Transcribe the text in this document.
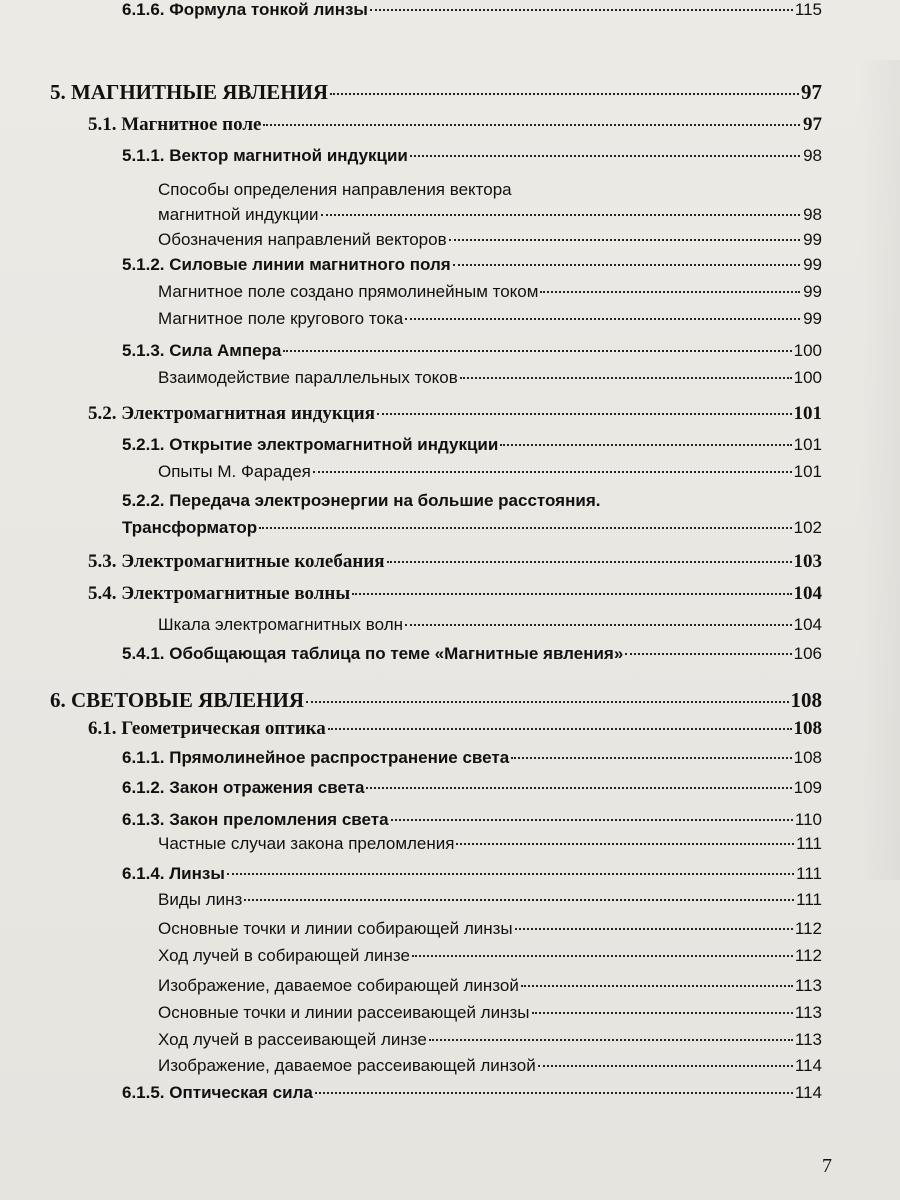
5. МАГНИТНЫЕ ЯВЛЕНИЯ	97
5.1. Магнитное поле	97
5.1.1. Вектор магнитной индукции	98
Способы определения направления вектора
магнитной индукции	98
Обозначения направлений векторов	99
5.1.2. Силовые линии магнитного поля	99
Магнитное поле создано прямолинейным током	99
Магнитное поле кругового тока	99
5.1.3. Сила Ампера	100
Взаимодействие параллельных токов	100
5.2. Электромагнитная индукция	101
5.2.1. Открытие электромагнитной индукции	101
Опыты М. Фарадея	101
5.2.2. Передача электроэнергии на большие расстояния.
Трансформатор	102
5.3. Электромагнитные колебания	103
5.4. Электромагнитные волны	104
Шкала электромагнитных волн	104
5.4.1. Обобщающая таблица по теме «Магнитные явления»	106
6. СВЕТОВЫЕ ЯВЛЕНИЯ	108
6.1. Геометрическая оптика	108
6.1.1. Прямолинейное распространение света	108
6.1.2. Закон отражения света	109
6.1.3. Закон преломления света	110
Частные случаи закона преломления	111
6.1.4. Линзы	111
Виды линз	111
Основные точки и линии собирающей линзы	112
Ход лучей в собирающей линзе	112
Изображение, даваемое собирающей линзой	113
Основные точки и линии рассеивающей линзы	113
Ход лучей в рассеивающей линзе	113
Изображение, даваемое рассеивающей линзой	114
6.1.5. Оптическая сила	114
6.1.6. Формула тонкой линзы	115
7
